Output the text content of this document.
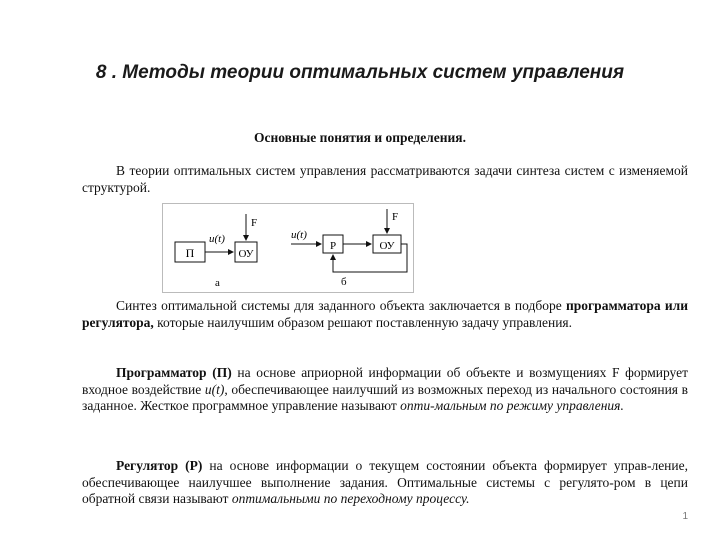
8 . Методы теории оптимальных систем управления
Основные понятия и определения.
В теории оптимальных систем управления рассматриваются задачи синтеза систем с изменяемой структурой.
П
u(t)
ОУ
F
а
u(t)
Р	ОУ
F
б
Синтез оптимальной системы для заданного объекта заключается в подборе программатора или регулятора, которые наилучшим образом решают поставленную задачу управления.
Программатор (П) на основе априорной информации об объекте и возмущениях F формирует входное воздействие u(t), обеспечивающее наилучший из возможных переход из начального состояния в заданное. Жесткое программное управление называют опти-мальным по режиму управления.
Регулятор (Р) на основе информации о текущем состоянии объекта формирует управ-ление, обеспечивающее наилучшее выполнение задания. Оптимальные системы с регулято-ром в цепи обратной связи называют оптимальными по переходному процессу.
1
